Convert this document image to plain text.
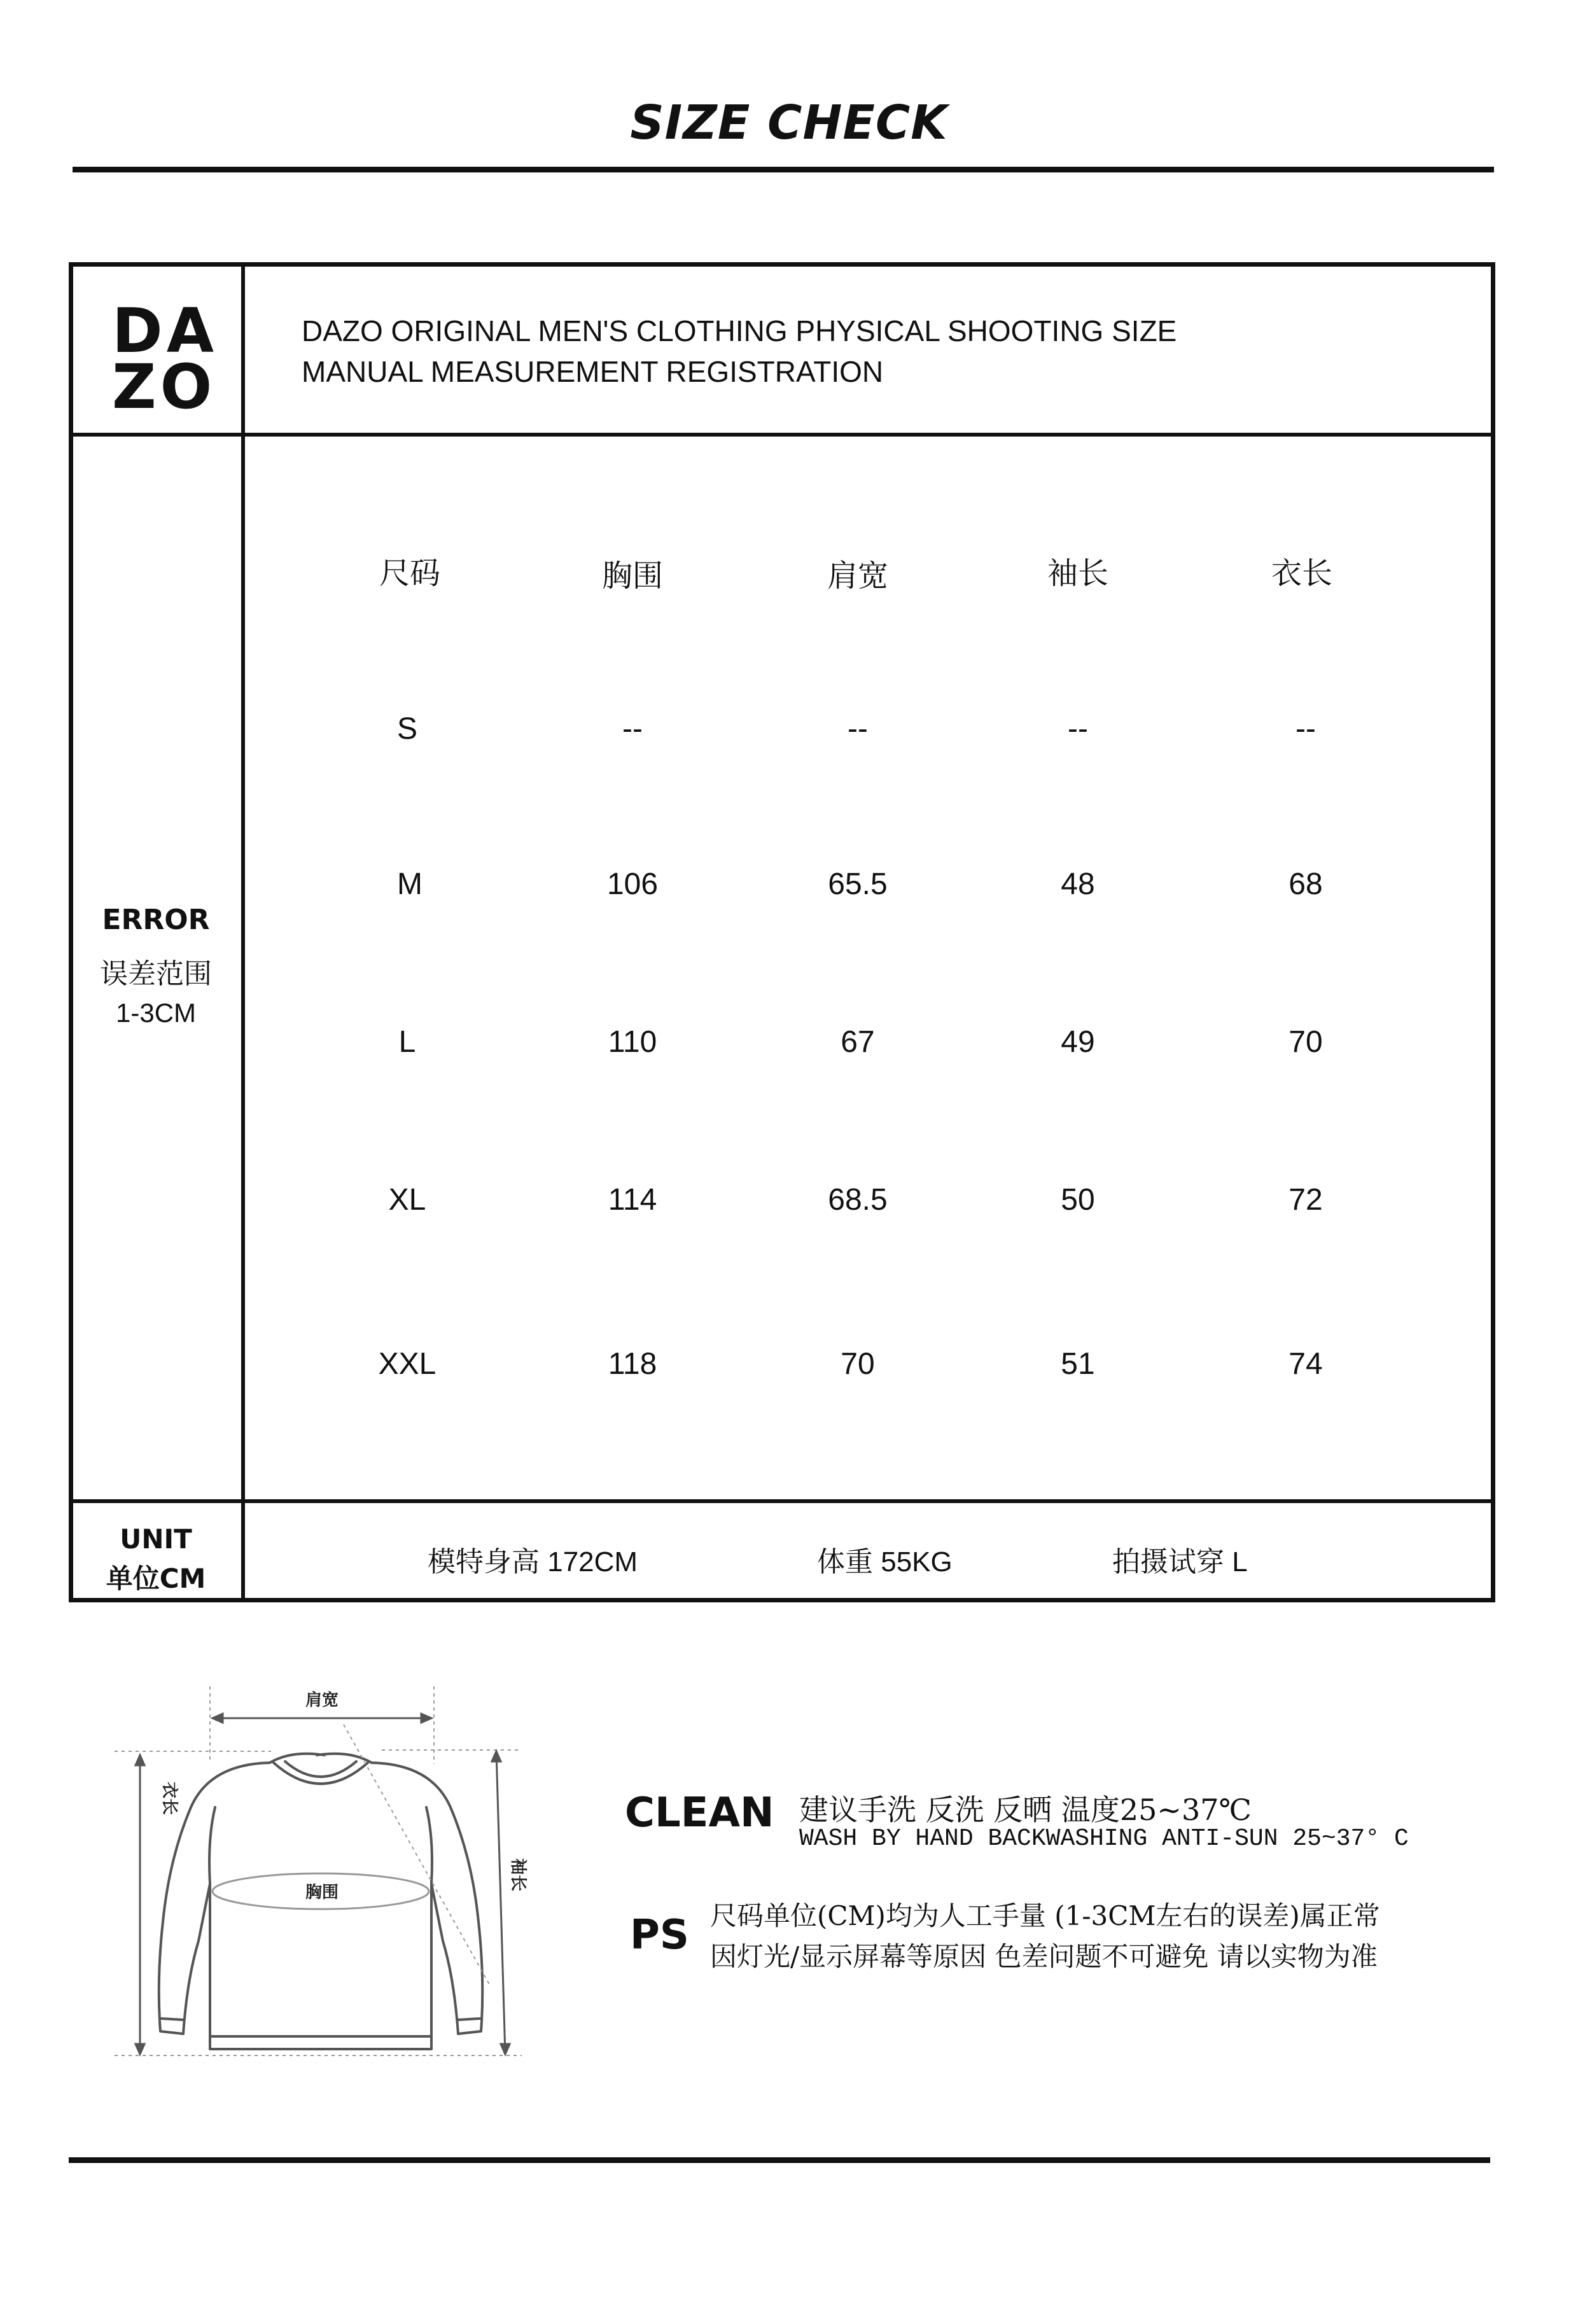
SIZE CHECK
DA
ZO
DAZO ORIGINAL MEN'S CLOTHING PHYSICAL SHOOTING SIZE
MANUAL MEASUREMENT REGISTRATION
ERROR
误差范围
1-3CM
尺码	胸围	肩宽	袖长	衣长
S	--	--	--	--
M	106	65.5	48	68
L	110	67	49	70
XL	114	68.5	50	72
XXL	118	70	51	74
UNIT
单位CM
模特身高 172CM	体重 55KG	拍摄试穿 L
肩宽
胸围
衣长
袖长
CLEAN 建议手洗 反洗 反晒 温度25~37℃
WASH BY HAND BACKWASHING ANTI-SUN 25~37° C
PS 尺码单位(CM)均为人工手量 (1-3CM左右的误差)属正常
因灯光/显示屏幕等原因 色差问题不可避免 请以实物为准
